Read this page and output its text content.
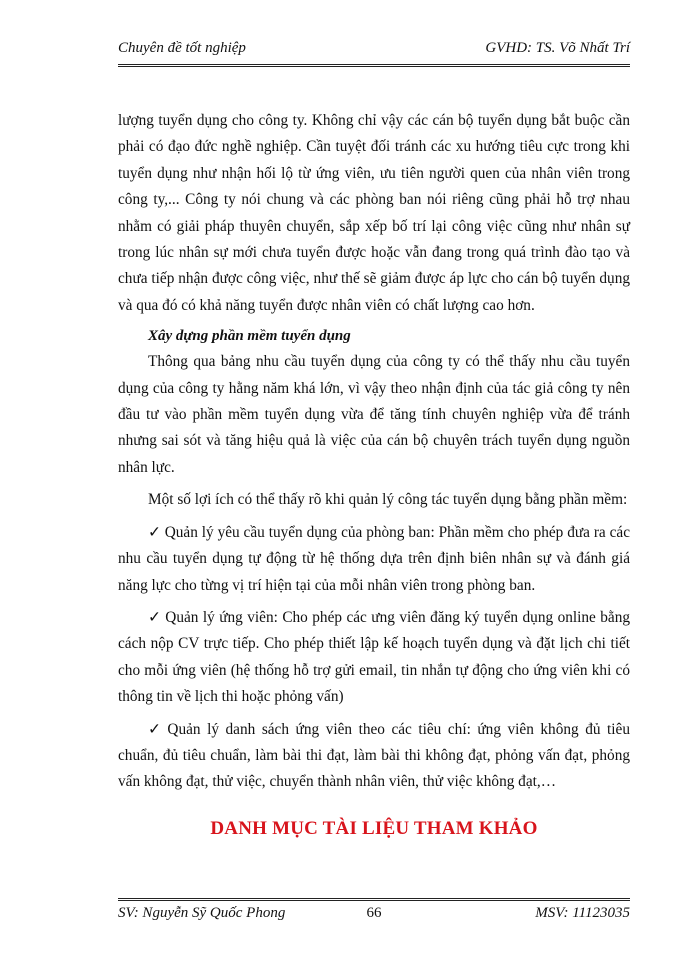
Chuyên đề tốt nghiệp	GVHD: TS. Võ Nhất Trí

lượng tuyển dụng cho công ty. Không chỉ vậy các cán bộ tuyển dụng bắt buộc cần phải có đạo đức nghề nghiệp. Cần tuyệt đối tránh các xu hướng tiêu cực trong khi tuyển dụng như nhận hối lộ từ ứng viên, ưu tiên người quen của nhân viên trong công ty,... Công ty nói chung và các phòng ban nói riêng cũng phải hỗ trợ nhau nhằm có giải pháp thuyên chuyển, sắp xếp bố trí lại công việc cũng như nhân sự trong lúc nhân sự mới chưa tuyển được hoặc vẫn đang trong quá trình đào tạo và chưa tiếp nhận được công việc, như thế sẽ giảm được áp lực cho cán bộ tuyển dụng và qua đó có khả năng tuyển được nhân viên có chất lượng cao hơn.

Xây dựng phần mềm tuyển dụng

Thông qua bảng nhu cầu tuyển dụng của công ty có thể thấy nhu cầu tuyển dụng của công ty hằng năm khá lớn, vì vậy theo nhận định của tác giả công ty nên đầu tư vào phần mềm tuyển dụng vừa để tăng tính chuyên nghiệp vừa để tránh nhưng sai sót và tăng hiệu quả là việc của cán bộ chuyên trách tuyển dụng nguồn nhân lực.

Một số lợi ích có thể thấy rõ khi quản lý công tác tuyển dụng bằng phần mềm:

✓ Quản lý yêu cầu tuyển dụng của phòng ban: Phần mềm cho phép đưa ra các nhu cầu tuyển dụng tự động từ hệ thống dựa trên định biên nhân sự và đánh giá năng lực cho từng vị trí hiện tại của mỗi nhân viên trong phòng ban.

✓ Quản lý ứng viên: Cho phép các ưng viên đăng ký tuyển dụng online bằng cách nộp CV trực tiếp. Cho phép thiết lập kế hoạch tuyển dụng và đặt lịch chi tiết cho mỗi ứng viên (hệ thống hỗ trợ gửi email, tin nhắn tự động cho ứng viên khi có thông tin về lịch thi hoặc phỏng vấn)

✓ Quản lý danh sách ứng viên theo các tiêu chí: ứng viên không đủ tiêu chuẩn, đủ tiêu chuẩn, làm bài thi đạt, làm bài thi không đạt, phỏng vấn đạt, phỏng vấn không đạt, thử việc, chuyển thành nhân viên, thử việc không đạt,…

DANH MỤC TÀI LIỆU THAM KHẢO
SV: Nguyễn Sỹ Quốc Phong	66	MSV: 11123035
